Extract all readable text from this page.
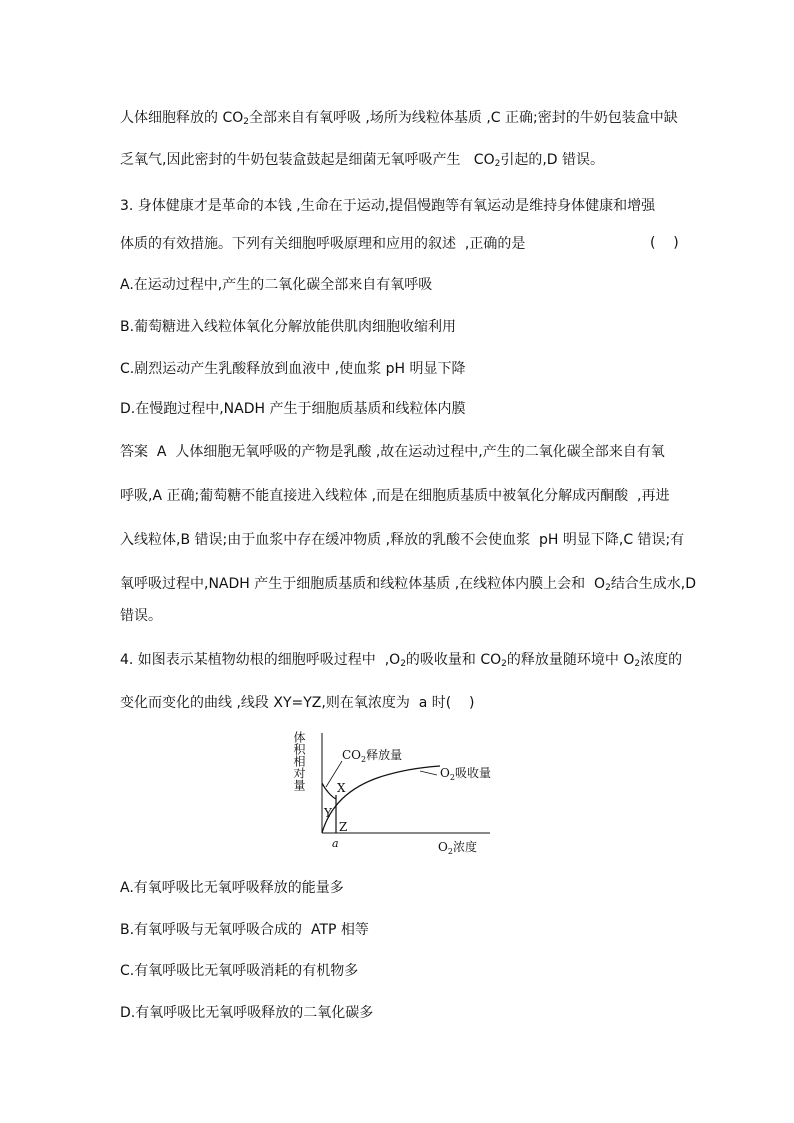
人体细胞释放的 $CO_2$全部来自有氧呼吸 ,场所为线粒体基质 ,C 正确;密封的牛奶包装盒中缺
乏氧气,因此密封的牛奶包装盒鼓起是细菌无氧呼吸产生   $CO_2$引起的,D 错误。
3. 身体健康才是革命的本钱 ,生命在于运动,提倡慢跑等有氧运动是维持身体健康和增强
体质的有效措施。下列有关细胞呼吸原理和应用的叙述  ,正确的是	(    )
A.在运动过程中,产生的二氧化碳全部来自有氧呼吸
B.葡萄糖进入线粒体氧化分解放能供肌肉细胞收缩利用
C.剧烈运动产生乳酸释放到血液中 ,使血浆 pH 明显下降
D.在慢跑过程中,NADH 产生于细胞质基质和线粒体内膜
答案  A  人体细胞无氧呼吸的产物是乳酸 ,故在运动过程中,产生的二氧化碳全部来自有氧
呼吸,A 正确;葡萄糖不能直接进入线粒体 ,而是在细胞质基质中被氧化分解成丙酮酸  ,再进
入线粒体,B 错误;由于血浆中存在缓冲物质 ,释放的乳酸不会使血浆  pH 明显下降,C 错误;有
氧呼吸过程中,NADH 产生于细胞质基质和线粒体基质 ,在线粒体内膜上会和  $O_2$结合生成水,D
错误。
4. 如图表示某植物幼根的细胞呼吸过程中  $,O_2$的吸收量和 $CO_2$的释放量随环境中 $O_2$浓度的
变化而变化的曲线 ,线段 XY=YZ,则在氧浓度为  a 时(    )
体积相对量	$CO_2$释放量
$O_2$吸收量
X
Y
Z
a	$O_2$浓度
A.有氧呼吸比无氧呼吸释放的能量多
B.有氧呼吸与无氧呼吸合成的  ATP 相等
C.有氧呼吸比无氧呼吸消耗的有机物多
D.有氧呼吸比无氧呼吸释放的二氧化碳多
